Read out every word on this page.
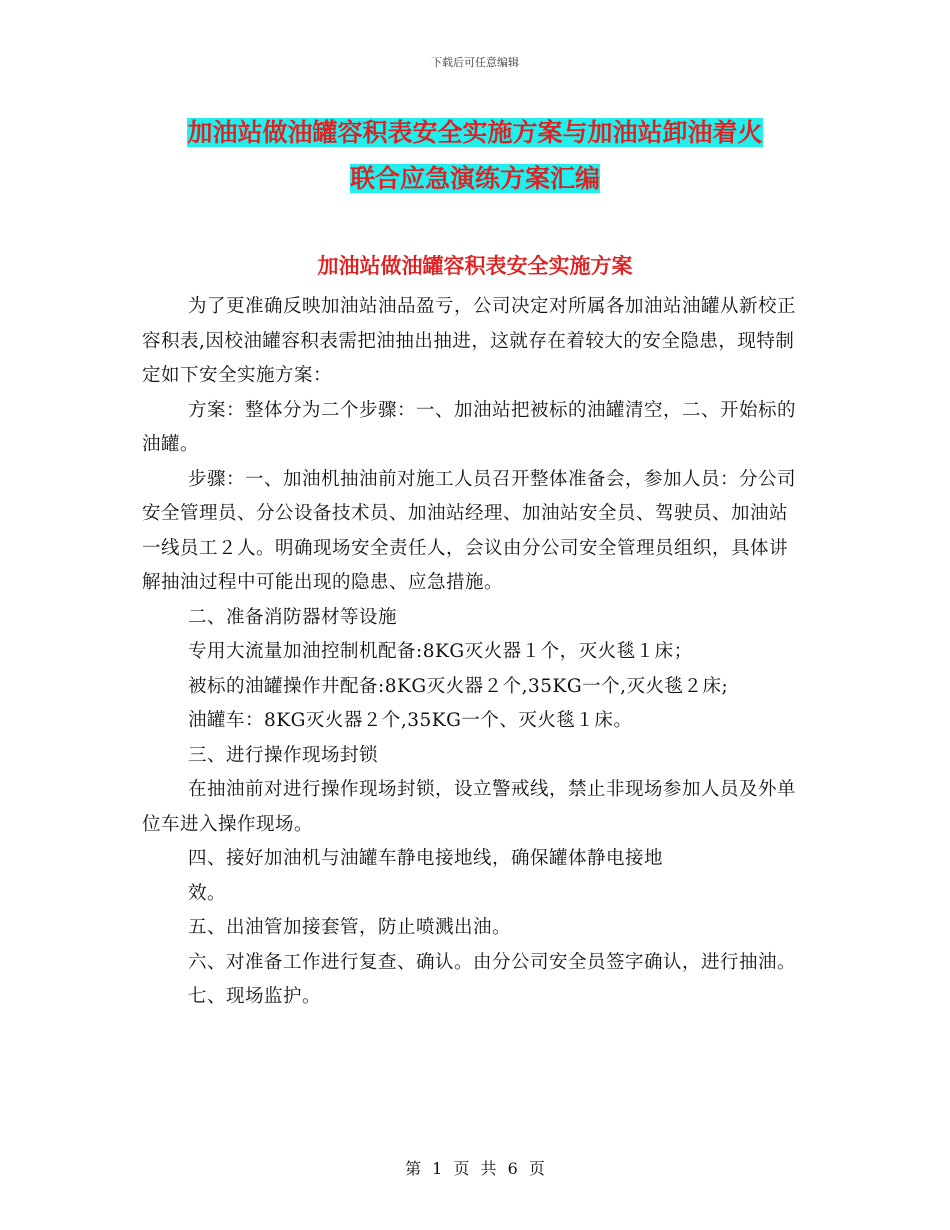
下载后可任意编辑
加油站做油罐容积表安全实施方案与加油站卸油着火
联合应急演练方案汇编
加油站做油罐容积表安全实施方案

为了更准确反映加油站油品盈亏，公司决定对所属各加油站油罐从新校正容积表,因校油罐容积表需把油抽出抽进，这就存在着较大的安全隐患，现特制定如下安全实施方案：

方案：整体分为二个步骤：一、加油站把被标的油罐清空，二、开始标的油罐。

步骤：一、加油机抽油前对施工人员召开整体准备会，参加人员：分公司安全管理员、分公设备技术员、加油站经理、加油站安全员、驾驶员、加油站一线员工２人。明确现场安全责任人，会议由分公司安全管理员组织，具体讲解抽油过程中可能出现的隐患、应急措施。

二、准备消防器材等设施

专用大流量加油控制机配备:8KG灭火器１个，灭火毯１床；

被标的油罐操作井配备:8KG灭火器２个,35KG一个,灭火毯２床;

油罐车：8KG灭火器２个,35KG一个、灭火毯１床。

三、进行操作现场封锁

在抽油前对进行操作现场封锁，设立警戒线，禁止非现场参加人员及外单位车进入操作现场。

四、接好加油机与油罐车静电接地线，确保罐体静电接地

效。

五、出油管加接套管，防止喷溅出油。

六、对准备工作进行复查、确认。由分公司安全员签字确认，进行抽油。

七、现场监护。

第 1 页 共 6 页
